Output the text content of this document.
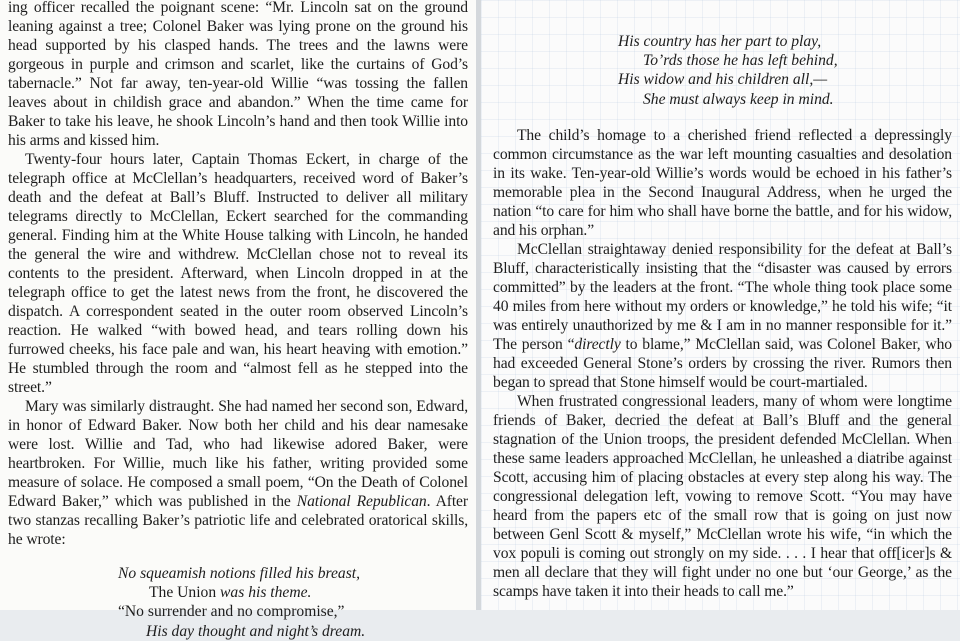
ing officer recalled the poignant scene: “Mr. Lincoln sat on the ground leaning against a tree; Colonel Baker was lying prone on the ground his head supported by his clasped hands. The trees and the lawns were gorgeous in purple and crimson and scarlet, like the curtains of God’s tabernacle.” Not far away, ten-year-old Willie “was tossing the fallen leaves about in childish grace and abandon.” When the time came for Baker to take his leave, he shook Lincoln’s hand and then took Willie into his arms and kissed him.

Twenty-four hours later, Captain Thomas Eckert, in charge of the telegraph office at McClellan’s headquarters, received word of Baker’s death and the defeat at Ball’s Bluff. Instructed to deliver all military telegrams directly to McClellan, Eckert searched for the commanding general. Finding him at the White House talking with Lincoln, he handed the general the wire and withdrew. McClellan chose not to reveal its contents to the president. Afterward, when Lincoln dropped in at the telegraph office to get the latest news from the front, he discovered the dispatch. A correspondent seated in the outer room observed Lincoln’s reaction. He walked “with bowed head, and tears rolling down his furrowed cheeks, his face pale and wan, his heart heaving with emotion.” He stumbled through the room and “almost fell as he stepped into the street.”

Mary was similarly distraught. She had named her second son, Edward, in honor of Edward Baker. Now both her child and his dear namesake were lost. Willie and Tad, who had likewise adored Baker, were heartbroken. For Willie, much like his father, writing provided some measure of solace. He composed a small poem, “On the Death of Colonel Edward Baker,” which was published in the National Republican. After two stanzas recalling Baker’s patriotic life and celebrated oratorical skills, he wrote:

No squeamish notions filled his breast,
The Union was his theme.
“No surrender and no compromise,”
His day thought and night’s dream.
His country has her part to play,
To’rds those he has left behind,
His widow and his children all,—
She must always keep in mind.

The child’s homage to a cherished friend reflected a depressingly common circumstance as the war left mounting casualties and desolation in its wake. Ten-year-old Willie’s words would be echoed in his father’s memorable plea in the Second Inaugural Address, when he urged the nation “to care for him who shall have borne the battle, and for his widow, and his orphan.”

McClellan straightaway denied responsibility for the defeat at Ball’s Bluff, characteristically insisting that the “disaster was caused by errors committed” by the leaders at the front. “The whole thing took place some 40 miles from here without my orders or knowledge,” he told his wife; “it was entirely unauthorized by me & I am in no manner responsible for it.” The person “directly to blame,” McClellan said, was Colonel Baker, who had exceeded General Stone’s orders by crossing the river. Rumors then began to spread that Stone himself would be court-martialed.

When frustrated congressional leaders, many of whom were longtime friends of Baker, decried the defeat at Ball’s Bluff and the general stagnation of the Union troops, the president defended McClellan. When these same leaders approached McClellan, he unleashed a diatribe against Scott, accusing him of placing obstacles at every step along his way. The congressional delegation left, vowing to remove Scott. “You may have heard from the papers etc of the small row that is going on just now between Genl Scott & myself,” McClellan wrote his wife, “in which the vox populi is coming out strongly on my side. . . . I hear that off[icer]s & men all declare that they will fight under no one but ‘our George,’ as the scamps have taken it into their heads to call me.”
